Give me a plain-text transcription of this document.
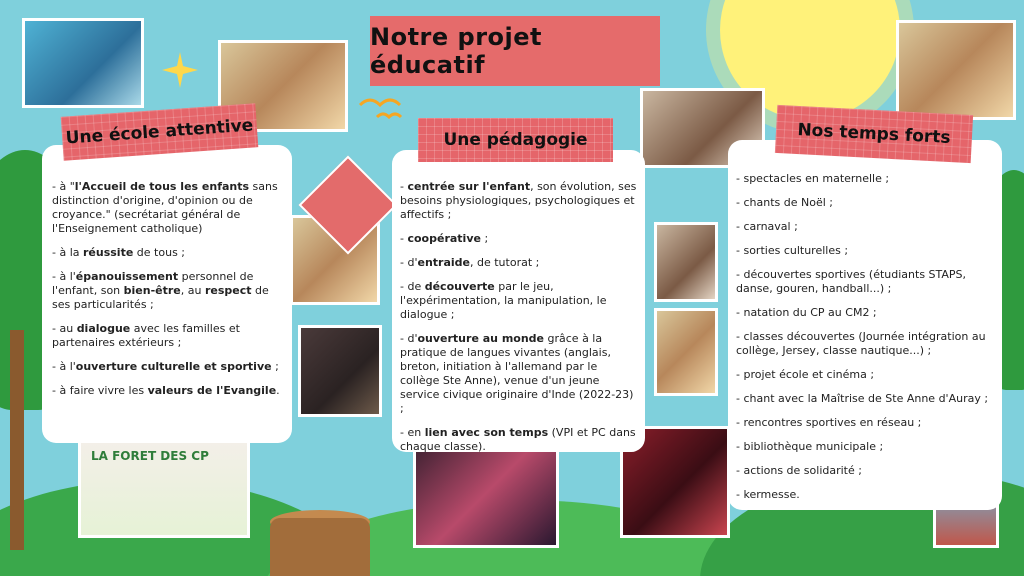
LA FORET DES CP
Notre projet éducatif
Une école attentive

- à "l'Accueil de tous les enfants sans distinction d'origine, d'opinion ou de croyance." (secrétariat général de l'Enseignement catholique)

- à la réussite de tous ;

- à l'épanouissement personnel de l'enfant, son bien-être, au respect de ses particularités ;

- au dialogue avec les familles et partenaires extérieurs ;

- à l'ouverture culturelle et sportive ;

- à faire vivre les valeurs de l'Evangile.

Une pédagogie

- centrée sur l'enfant, son évolution, ses besoins physiologiques, psychologiques et affectifs ;

- coopérative ;

- d'entraide, de tutorat ;

- de découverte par le jeu, l'expérimentation, la manipulation, le dialogue ;

- d'ouverture au monde grâce à la pratique de langues vivantes (anglais, breton, initiation à l'allemand par le collège Ste Anne), venue d'un jeune service civique originaire d'Inde (2022-23) ;

- en lien avec son temps (VPI et PC dans chaque classe).

Nos temps forts

- spectacles en maternelle ;

- chants de Noël ;

- carnaval ;

- sorties culturelles ;

- découvertes sportives (étudiants STAPS, danse, gouren, handball...) ;

- natation du CP au CM2 ;

- classes découvertes (Journée intégration au collège, Jersey, classe nautique...) ;

- projet école et cinéma ;

- chant avec la Maîtrise de Ste Anne d'Auray ;

- rencontres sportives en réseau ;

- bibliothèque municipale ;

- actions de solidarité ;

- kermesse.
